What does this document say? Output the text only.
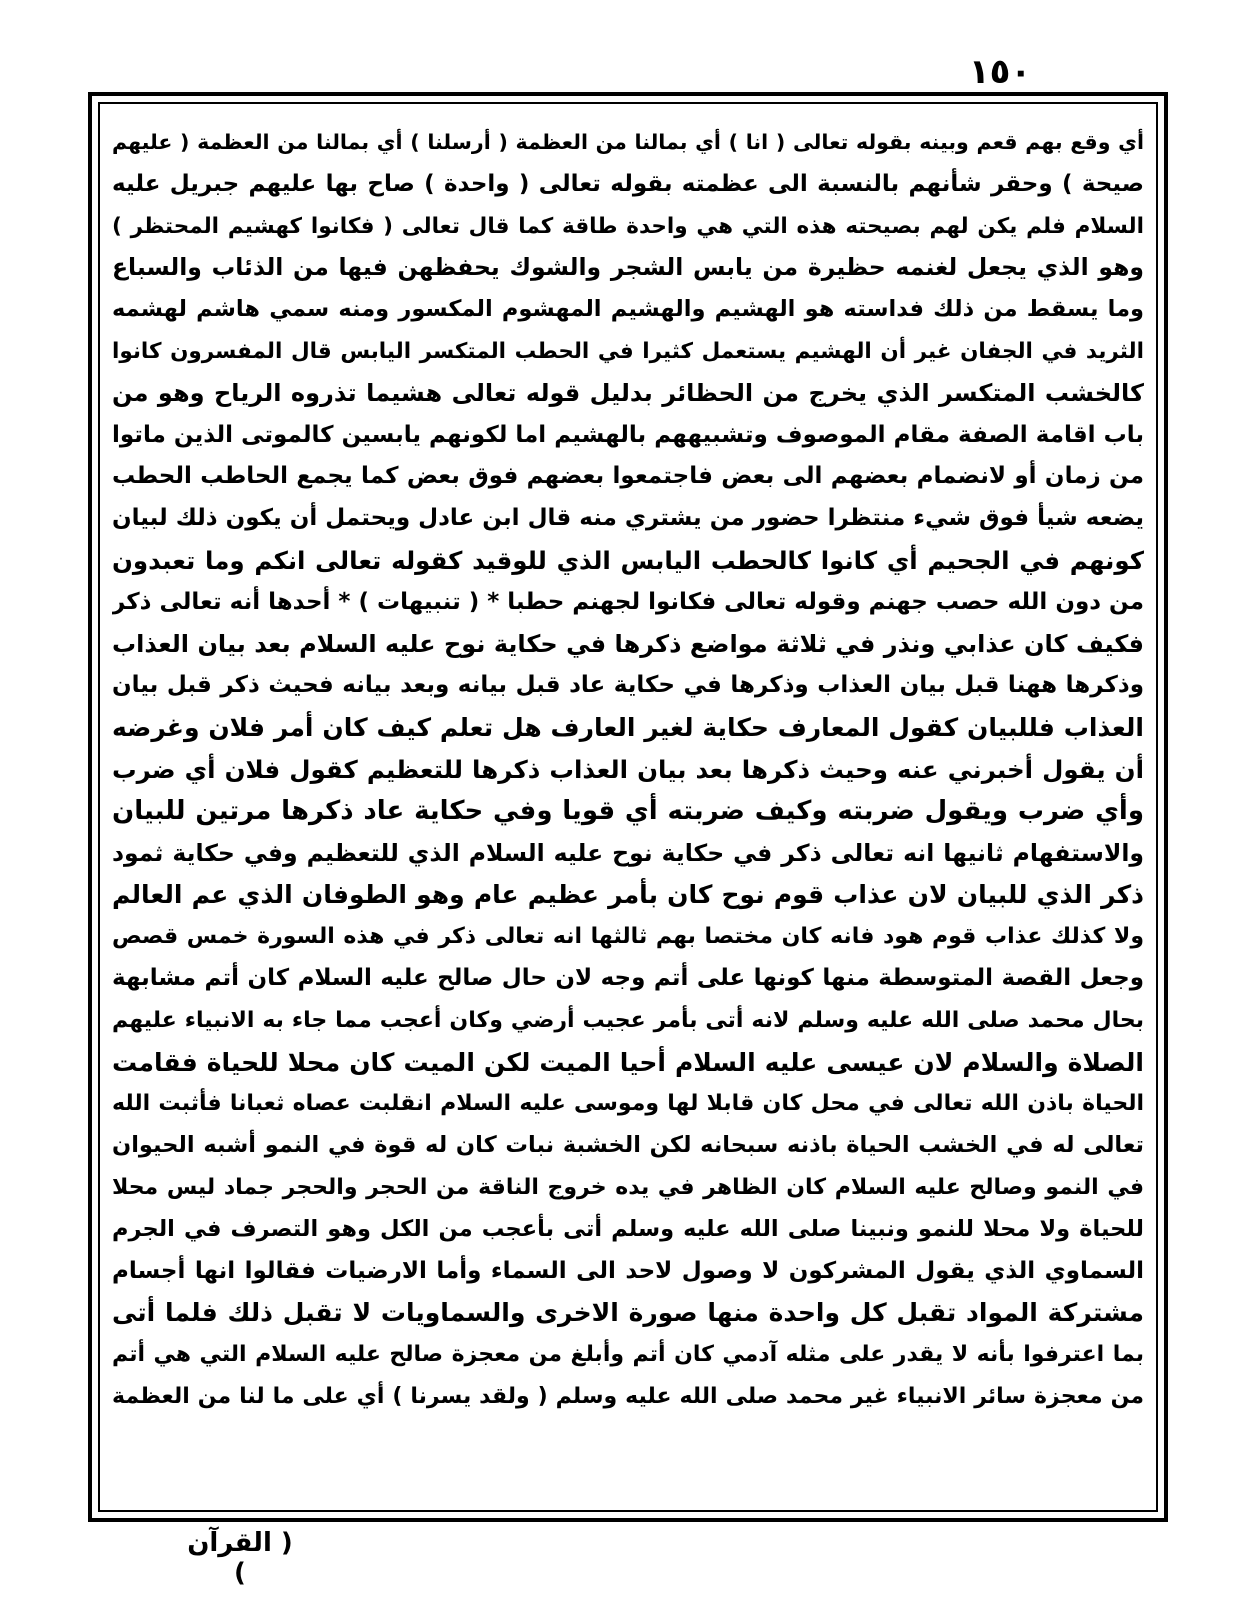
١٥٠
أي وقع بهم قعم وبينه بقوله تعالى ( انا ) أي بمالنا من العظمة ( أرسلنا ) أي بمالنا من العظمة ( عليهم
صيحة ) وحقر شأنهم بالنسبة الى عظمته بقوله تعالى ( واحدة ) صاح بها عليهم جبريل عليه
السلام فلم يكن لهم بصيحته هذه التي هي واحدة طاقة كما قال تعالى ( فكانوا كهشيم المحتظر )
وهو الذي يجعل لغنمه حظيرة من يابس الشجر والشوك يحفظهن فيها من الذئاب والسباع
وما يسقط من ذلك فداسته هو الهشيم والهشيم المهشوم المكسور ومنه سمي هاشم لهشمه
الثريد في الجفان غير أن الهشيم يستعمل كثيرا في الحطب المتكسر اليابس قال المفسرون كانوا
كالخشب المتكسر الذي يخرج من الحظائر بدليل قوله تعالى هشيما تذروه الرياح وهو من
باب اقامة الصفة مقام الموصوف وتشبيههم بالهشيم اما لكونهم يابسين كالموتى الذين ماتوا
من زمان أو لانضمام بعضهم الى بعض فاجتمعوا بعضهم فوق بعض كما يجمع الحاطب الحطب
يضعه شيأ فوق شيء منتظرا حضور من يشتري منه قال ابن عادل ويحتمل أن يكون ذلك لبيان
كونهم في الجحيم أي كانوا كالحطب اليابس الذي للوقيد كقوله تعالى انكم وما تعبدون
من دون الله حصب جهنم وقوله تعالى فكانوا لجهنم حطبا * ( تنبيهات ) * أحدها أنه تعالى ذكر
فكيف كان عذابي ونذر في ثلاثة مواضع ذكرها في حكاية نوح عليه السلام بعد بيان العذاب
وذكرها ههنا قبل بيان العذاب وذكرها في حكاية عاد قبل بيانه وبعد بيانه فحيث ذكر قبل بيان
العذاب فللبيان كقول المعارف حكاية لغير العارف هل تعلم كيف كان أمر فلان وغرضه
أن يقول أخبرني عنه وحيث ذكرها بعد بيان العذاب ذكرها للتعظيم كقول فلان أي ضرب
وأي ضرب ويقول ضربته وكيف ضربته أي قويا وفي حكاية عاد ذكرها مرتين للبيان
والاستفهام ثانيها انه تعالى ذكر في حكاية نوح عليه السلام الذي للتعظيم وفي حكاية ثمود
ذكر الذي للبيان لان عذاب قوم نوح كان بأمر عظيم عام وهو الطوفان الذي عم العالم
ولا كذلك عذاب قوم هود فانه كان مختصا بهم ثالثها انه تعالى ذكر في هذه السورة خمس قصص
وجعل القصة المتوسطة منها كونها على أتم وجه لان حال صالح عليه السلام كان أتم مشابهة
بحال محمد صلى الله عليه وسلم لانه أتى بأمر عجيب أرضي وكان أعجب مما جاء به الانبياء عليهم
الصلاة والسلام لان عيسى عليه السلام أحيا الميت لكن الميت كان محلا للحياة فقامت
الحياة باذن الله تعالى في محل كان قابلا لها وموسى عليه السلام انقلبت عصاه ثعبانا فأثبت الله
تعالى له في الخشب الحياة باذنه سبحانه لكن الخشبة نبات كان له قوة في النمو أشبه الحيوان
في النمو وصالح عليه السلام كان الظاهر في يده خروج الناقة من الحجر والحجر جماد ليس محلا
للحياة ولا محلا للنمو ونبينا صلى الله عليه وسلم أتى بأعجب من الكل وهو التصرف في الجرم
السماوي الذي يقول المشركون لا وصول لاحد الى السماء وأما الارضيات فقالوا انها أجسام
مشتركة المواد تقبل كل واحدة منها صورة الاخرى والسماويات لا تقبل ذلك فلما أتى
بما اعترفوا بأنه لا يقدر على مثله آدمي كان أتم وأبلغ من معجزة صالح عليه السلام التي هي أتم
من معجزة سائر الانبياء غير محمد صلى الله عليه وسلم ( ولقد يسرنا ) أي على ما لنا من العظمة
( القرآن )
